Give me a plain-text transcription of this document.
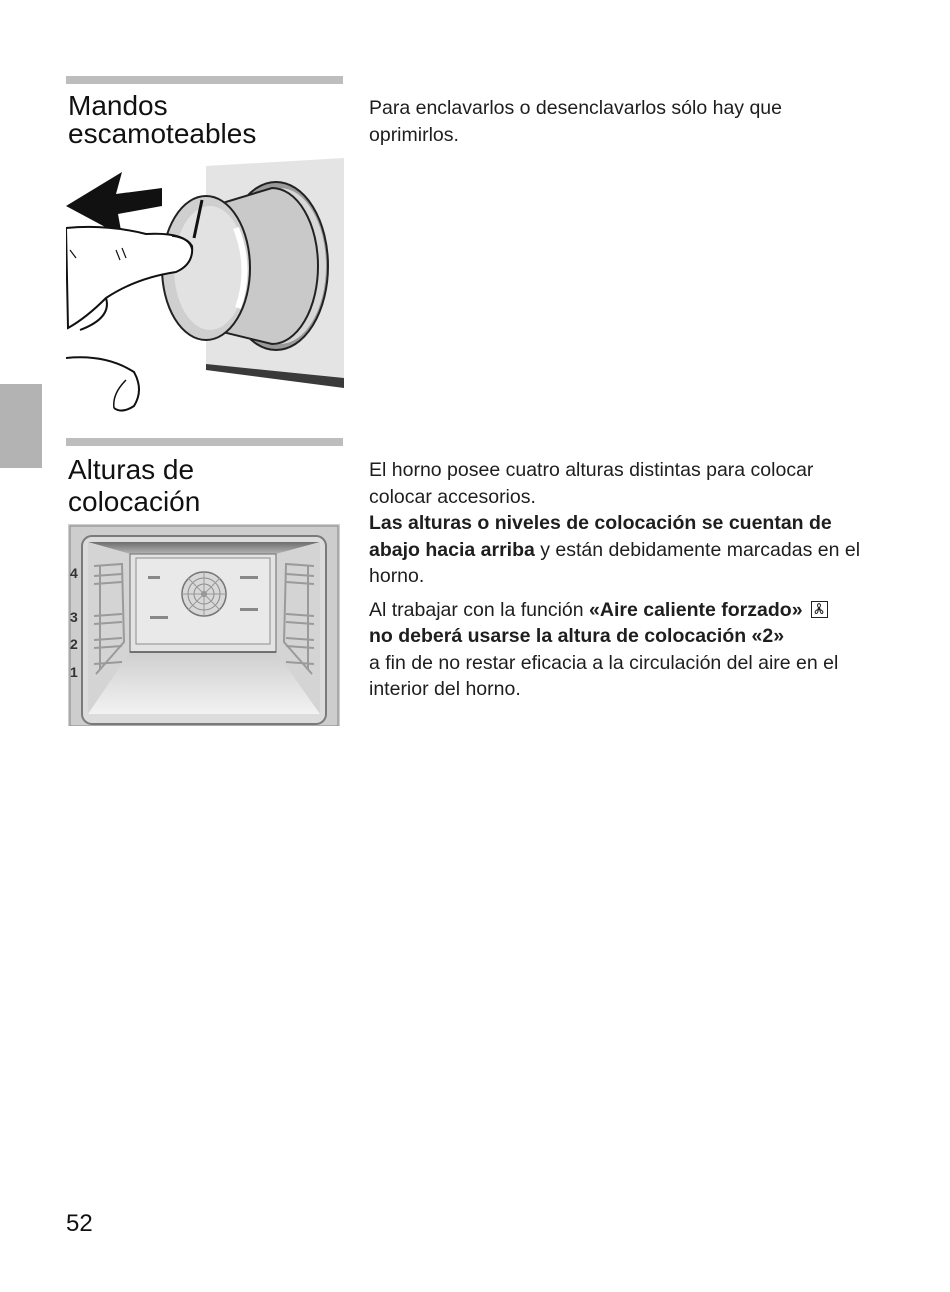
Mandos
escamoteables

Para enclavarlos o desenclavarlos sólo hay que oprimirlos.

Alturas de
colocación

El horno posee cuatro alturas distintas para colocar colocar accesorios.

Las alturas o niveles de colocación se cuentan de abajo hacia arriba y están debidamente marcadas en el horno.

Al trabajar con la función «Aire caliente forzado»

no deberá usarse la altura de colocación «2»
a fin de no restar eficacia a la circulación del aire en el interior del horno.

4
3
2
1
52
